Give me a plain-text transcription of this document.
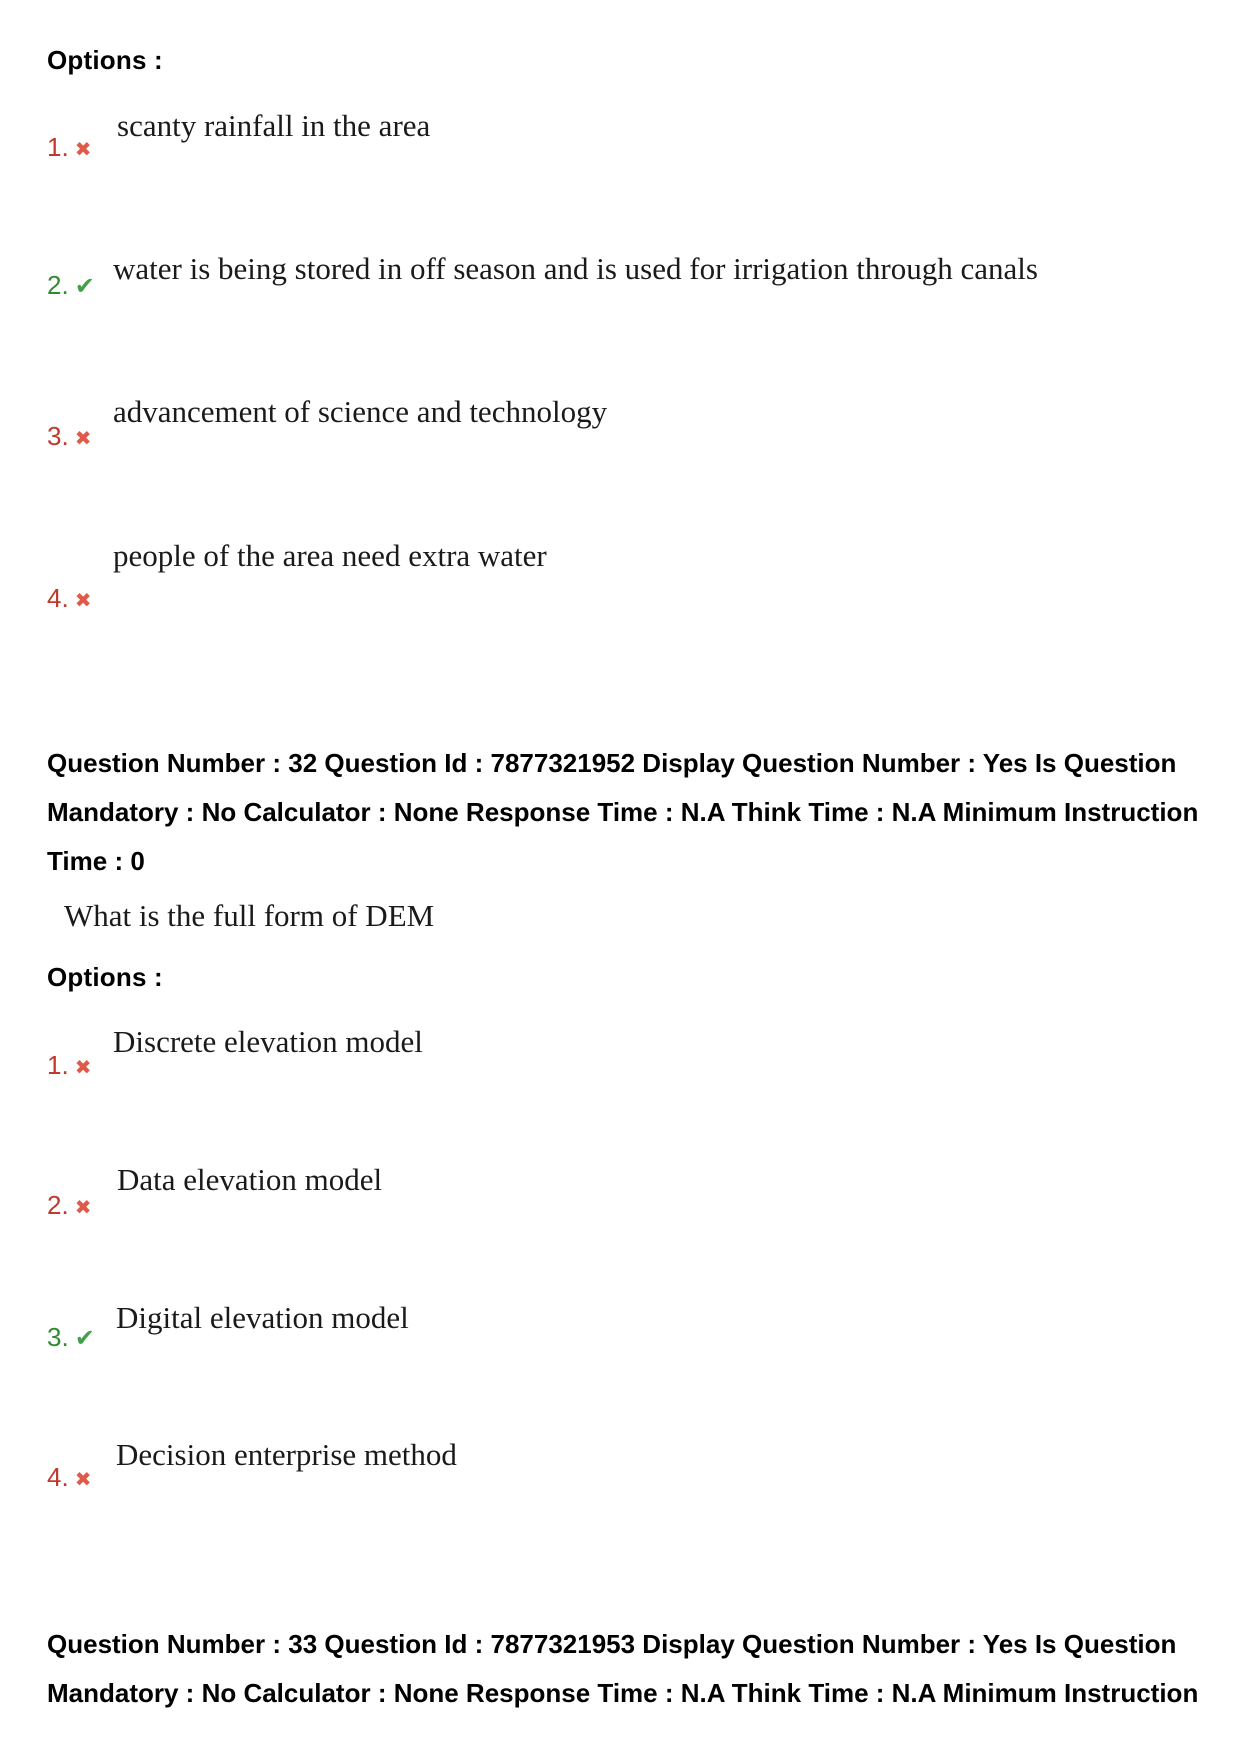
Options :
scanty rainfall in the area
1. ✖
water is being stored in off season and is used for irrigation through canals
2. ✔
advancement of science and technology
3. ✖
people of the area need extra water
4. ✖
Question Number : 32 Question Id : 7877321952 Display Question Number : Yes Is Question
Mandatory : No Calculator : None Response Time : N.A Think Time : N.A Minimum Instruction
Time : 0
What is the full form of DEM
Options :
Discrete elevation model
1. ✖
Data elevation model
2. ✖
Digital elevation model
3. ✔
Decision enterprise method
4. ✖
Question Number : 33 Question Id : 7877321953 Display Question Number : Yes Is Question
Mandatory : No Calculator : None Response Time : N.A Think Time : N.A Minimum Instruction
